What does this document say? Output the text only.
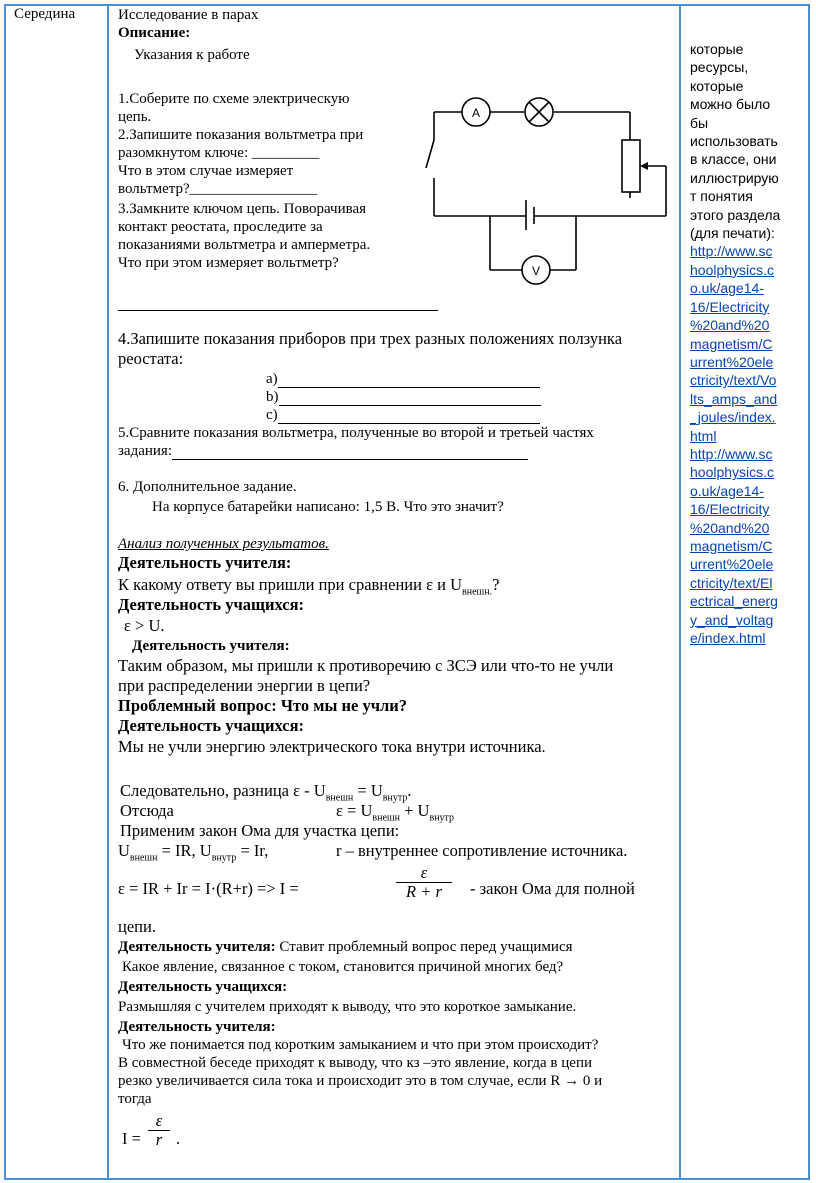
Середина	Исследование в парах
Описание:
Указания к работе
1.Соберите по схеме электрическую
цепь.
2.Запишите показания вольтметра при
разомкнутом ключе: _________
Что в этом случае измеряет
вольтметр?_________________
3.Замкните ключом цепь. Поворачивая
контакт реостата, проследите за
показаниями вольтметра и амперметра.
Что при этом измеряет вольтметр?
4.Запишите показания приборов при трех разных положениях ползунка
реостата:
a)
b)
c)
5.Сравните показания вольтметра, полученные во второй и третьей частях
задания:
6. Дополнительное задание.
На корпусе батарейки написано: 1,5 В. Что это значит?
Анализ полученных результатов.
Деятельность учителя:
К какому ответу вы пришли при сравнении ε и $U_{внешн.}$?
Деятельность учащихся:
ε > U.
Деятельность учителя:
Таким образом, мы пришли к противоречию с ЗСЭ или что-то не учли
при распределении энергии в цепи?
Проблемный вопрос: Что мы не учли?
Деятельность учащихся:
Мы не учли энергию электрического тока внутри источника.
Следовательно, разница $\varepsilon - U_{внешн} = U_{внутр}$.
Отсюда	$\varepsilon = U_{внешн} + U_{внутр}$
Применим закон Ома для участка цепи:
$U_{внешн}$ = IR, $U_{внутр} = Ir$,	r – внутреннее сопротивление источника.
ε = IR + Ir = I·(R+r) => I =	$\frac{\varepsilon}{R + r}$ - закон Ома для полной
цепи.
Деятельность учителя: Ставит проблемный вопрос перед учащимися
Какое явление, связанное с током, становится причиной многих бед?
Деятельность учащихся:
Размышляя с учителем приходят к выводу, что это короткое замыкание.
Деятельность учителя:
Что же понимается под коротким замыканием и что при этом происходит?
В совместной беседе приходят к выводу, что кз –это явление, когда в цепи
резко увеличивается сила тока и происходит это в том случае, если R → 0 и
тогда
$I = \frac{\varepsilon}{r}$ .
A
V
которые
ресурсы,
которые
можно было
бы
использовать
в классе, они
иллюстрирую
т понятия
этого раздела
(для печати):
http://www.sc
hoolphysics.c
o.uk/age14-
16/Electricity
%20and%20
magnetism/C
urrent%20ele
ctricity/text/Vo
lts_amps_and
_joules/index.
html
http://www.sc
hoolphysics.c
o.uk/age14-
16/Electricity
%20and%20
magnetism/C
urrent%20ele
ctricity/text/El
ectrical_energ
y_and_voltag
e/index.html
